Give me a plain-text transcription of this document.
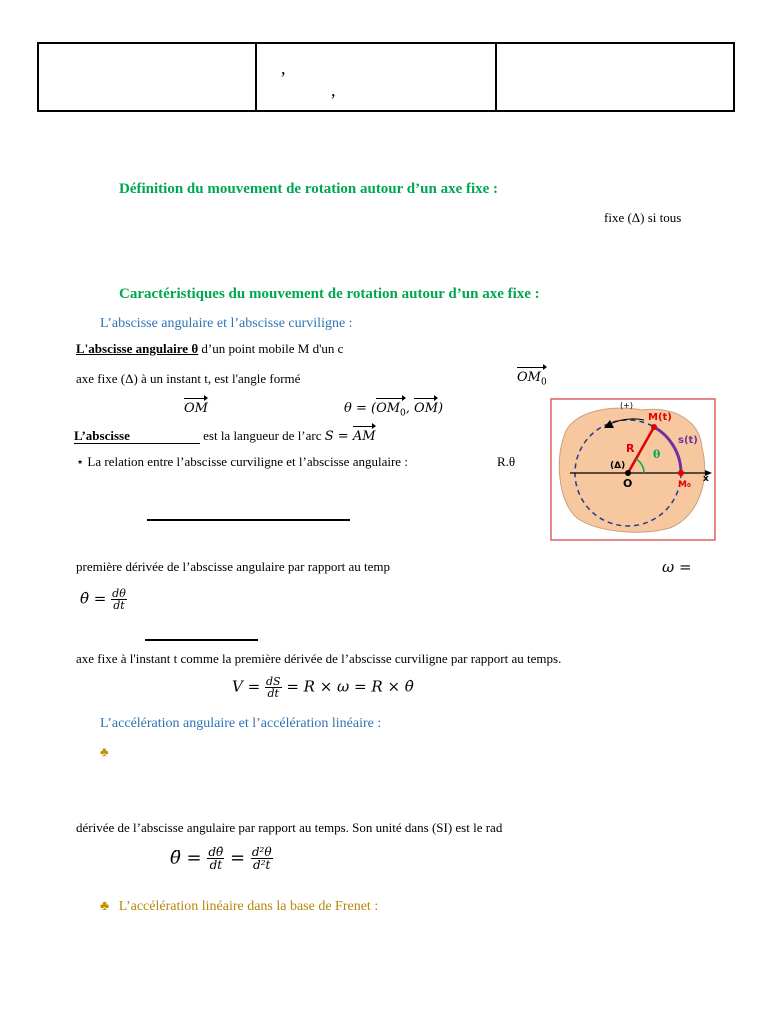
,
,

Définition du mouvement de rotation autour d’un axe fixe :
fixe (Δ) si tous
Caractéristiques du mouvement de rotation autour d’un axe fixe :
L’abscisse angulaire et l’abscisse curviligne :
L'abscisse angulaire θ d’un point mobile M d'un c
axe fixe (Δ) à un instant t, est l'angle formé	$OM_0$
OM	$\theta = (OM_0$, OM)
L’abscisse	est la langueur de l’arc S = AM
⋆ La relation entre l’abscisse curviligne et l’abscisse angulaire :	R.θ
première dérivée de l’abscisse angulaire par rapport au temp	ω =
θ̇ = $\frac{d\theta}{dt}$
axe fixe à l'instant t comme la première dérivée de l’abscisse curviligne par rapport au temps.
$V = \frac{dS}{dt} = R \times \omega = R$ × θ̇
L’accélération angulaire et l’accélération linéaire :
♣
dérivée de l’abscisse angulaire par rapport au temps. Son unité dans (SI) est le rad
θ̈ = $\frac{d\thetȧ}{dt} = \frac{\text{d²θ}}{\text{d²t}}$
♣ L’accélération linéaire dans la base de Frenet :
(+)
M(t)
s(t)
R θ
(Δ)
O	M₀
x
